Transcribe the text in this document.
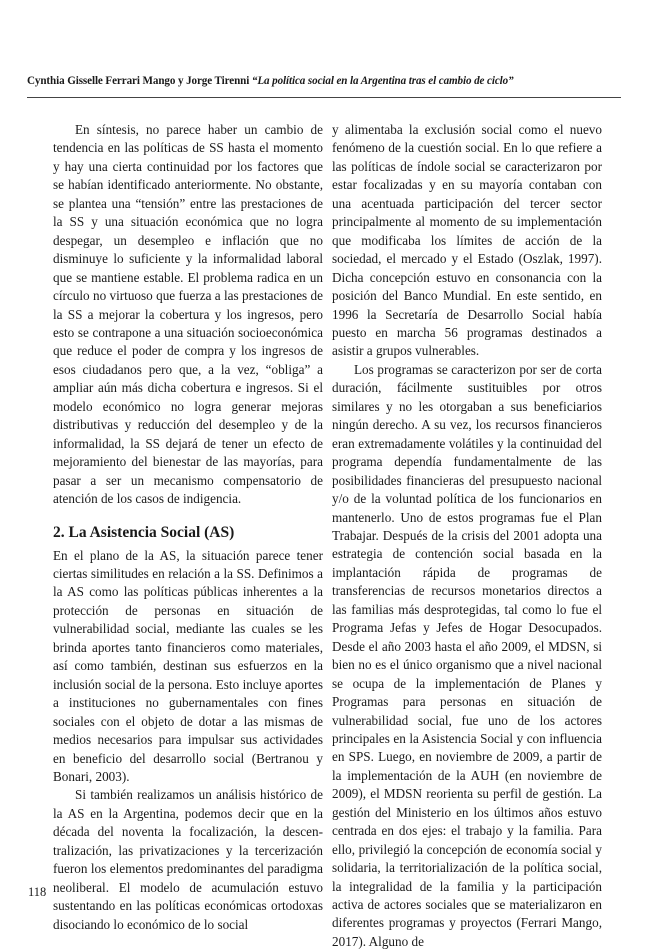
Cynthia Gisselle Ferrari Mango y Jorge Tirenni “La política social en la Argentina tras el cambio de ciclo”

En síntesis, no parece haber un cambio de tendencia en las políticas de SS hasta el momento y hay una cierta continuidad por los factores que se habían identificado anteriormente. No obstante, se plantea una “tensión” entre las prestaciones de la SS y una situación económica que no logra despegar, un desempleo e inflación que no disminuye lo suficiente y la informalidad laboral que se mantiene estable. El problema radica en un círculo no virtuoso que fuerza a las prestaciones de la SS a mejorar la cobertura y los ingresos, pero esto se contrapone a una situación socioeconómica que reduce el poder de compra y los ingresos de esos ciudadanos pero que, a la vez, “obliga” a ampliar aún más dicha cobertura e ingresos. Si el modelo económico no logra generar mejoras distributivas y reducción del desempleo y de la informalidad, la SS dejará de tener un efecto de mejoramiento del bienestar de las mayorías, para pasar a ser un mecanismo compensatorio de atención de los casos de indigencia.

2. La Asistencia Social (AS)

En el plano de la AS, la situación parece tener ciertas similitudes en relación a la SS. Definimos a la AS como las políticas públicas inherentes a la protección de personas en situación de vulnerabilidad social, mediante las cuales se les brinda aportes tanto financieros como materiales, así como también, destinan sus esfuerzos en la inclusión social de la persona. Esto incluye aportes a instituciones no gubernamentales con fines sociales con el objeto de dotar a las mismas de medios necesarios para impulsar sus actividades en beneficio del desarrollo social (Bertranou y Bonari, 2003).

Si también realizamos un análisis histórico de la AS en la Argentina, podemos decir que en la década del noventa la focalización, la descentralización, las privatizaciones y la tercerización fueron los elementos predominantes del paradigma neoliberal. El modelo de acumulación estuvo sustentando en las políticas económicas ortodoxas disociando lo económico de lo social

y alimentaba la exclusión social como el nuevo fenómeno de la cuestión social. En lo que refiere a las políticas de índole social se caracterizaron por estar focalizadas y en su mayoría contaban con una acentuada participación del tercer sector principalmente al momento de su implementación que modificaba los límites de acción de la sociedad, el mercado y el Estado (Oszlak, 1997). Dicha concepción estuvo en consonancia con la posición del Banco Mundial. En este sentido, en 1996 la Secretaría de Desarrollo Social había puesto en marcha 56 programas destinados a asistir a grupos vulnerables.

Los programas se caracterizon por ser de corta duración, fácilmente sustituibles por otros similares y no les otorgaban a sus beneficiarios ningún derecho. A su vez, los recursos financieros eran extremadamente volátiles y la continuidad del programa dependía fundamentalmente de las posibilidades financieras del presupuesto nacional y/o de la voluntad política de los funcionarios en mantenerlo. Uno de estos programas fue el Plan Trabajar. Después de la crisis del 2001 adopta una estrategia de contención social basada en la implantación rápida de programas de transferencias de recursos monetarios directos a las familias más desprotegidas, tal como lo fue el Programa Jefas y Jefes de Hogar Desocupados. Desde el año 2003 hasta el año 2009, el MDSN, si bien no es el único organismo que a nivel nacional se ocupa de la implementación de Planes y Programas para personas en situación de vulnerabilidad social, fue uno de los actores principales en la Asistencia Social y con influencia en SPS. Luego, en noviembre de 2009, a partir de la implementación de la AUH (en noviembre de 2009), el MDSN reorienta su perfil de gestión. La gestión del Ministerio en los últimos años estuvo centrada en dos ejes: el trabajo y la familia. Para ello, privilegió la concepción de economía social y solidaria, la territorialización de la política social, la integralidad de la familia y la participación activa de actores sociales que se materializaron en diferentes programas y proyectos (Ferrari Mango, 2017). Alguno de

118
